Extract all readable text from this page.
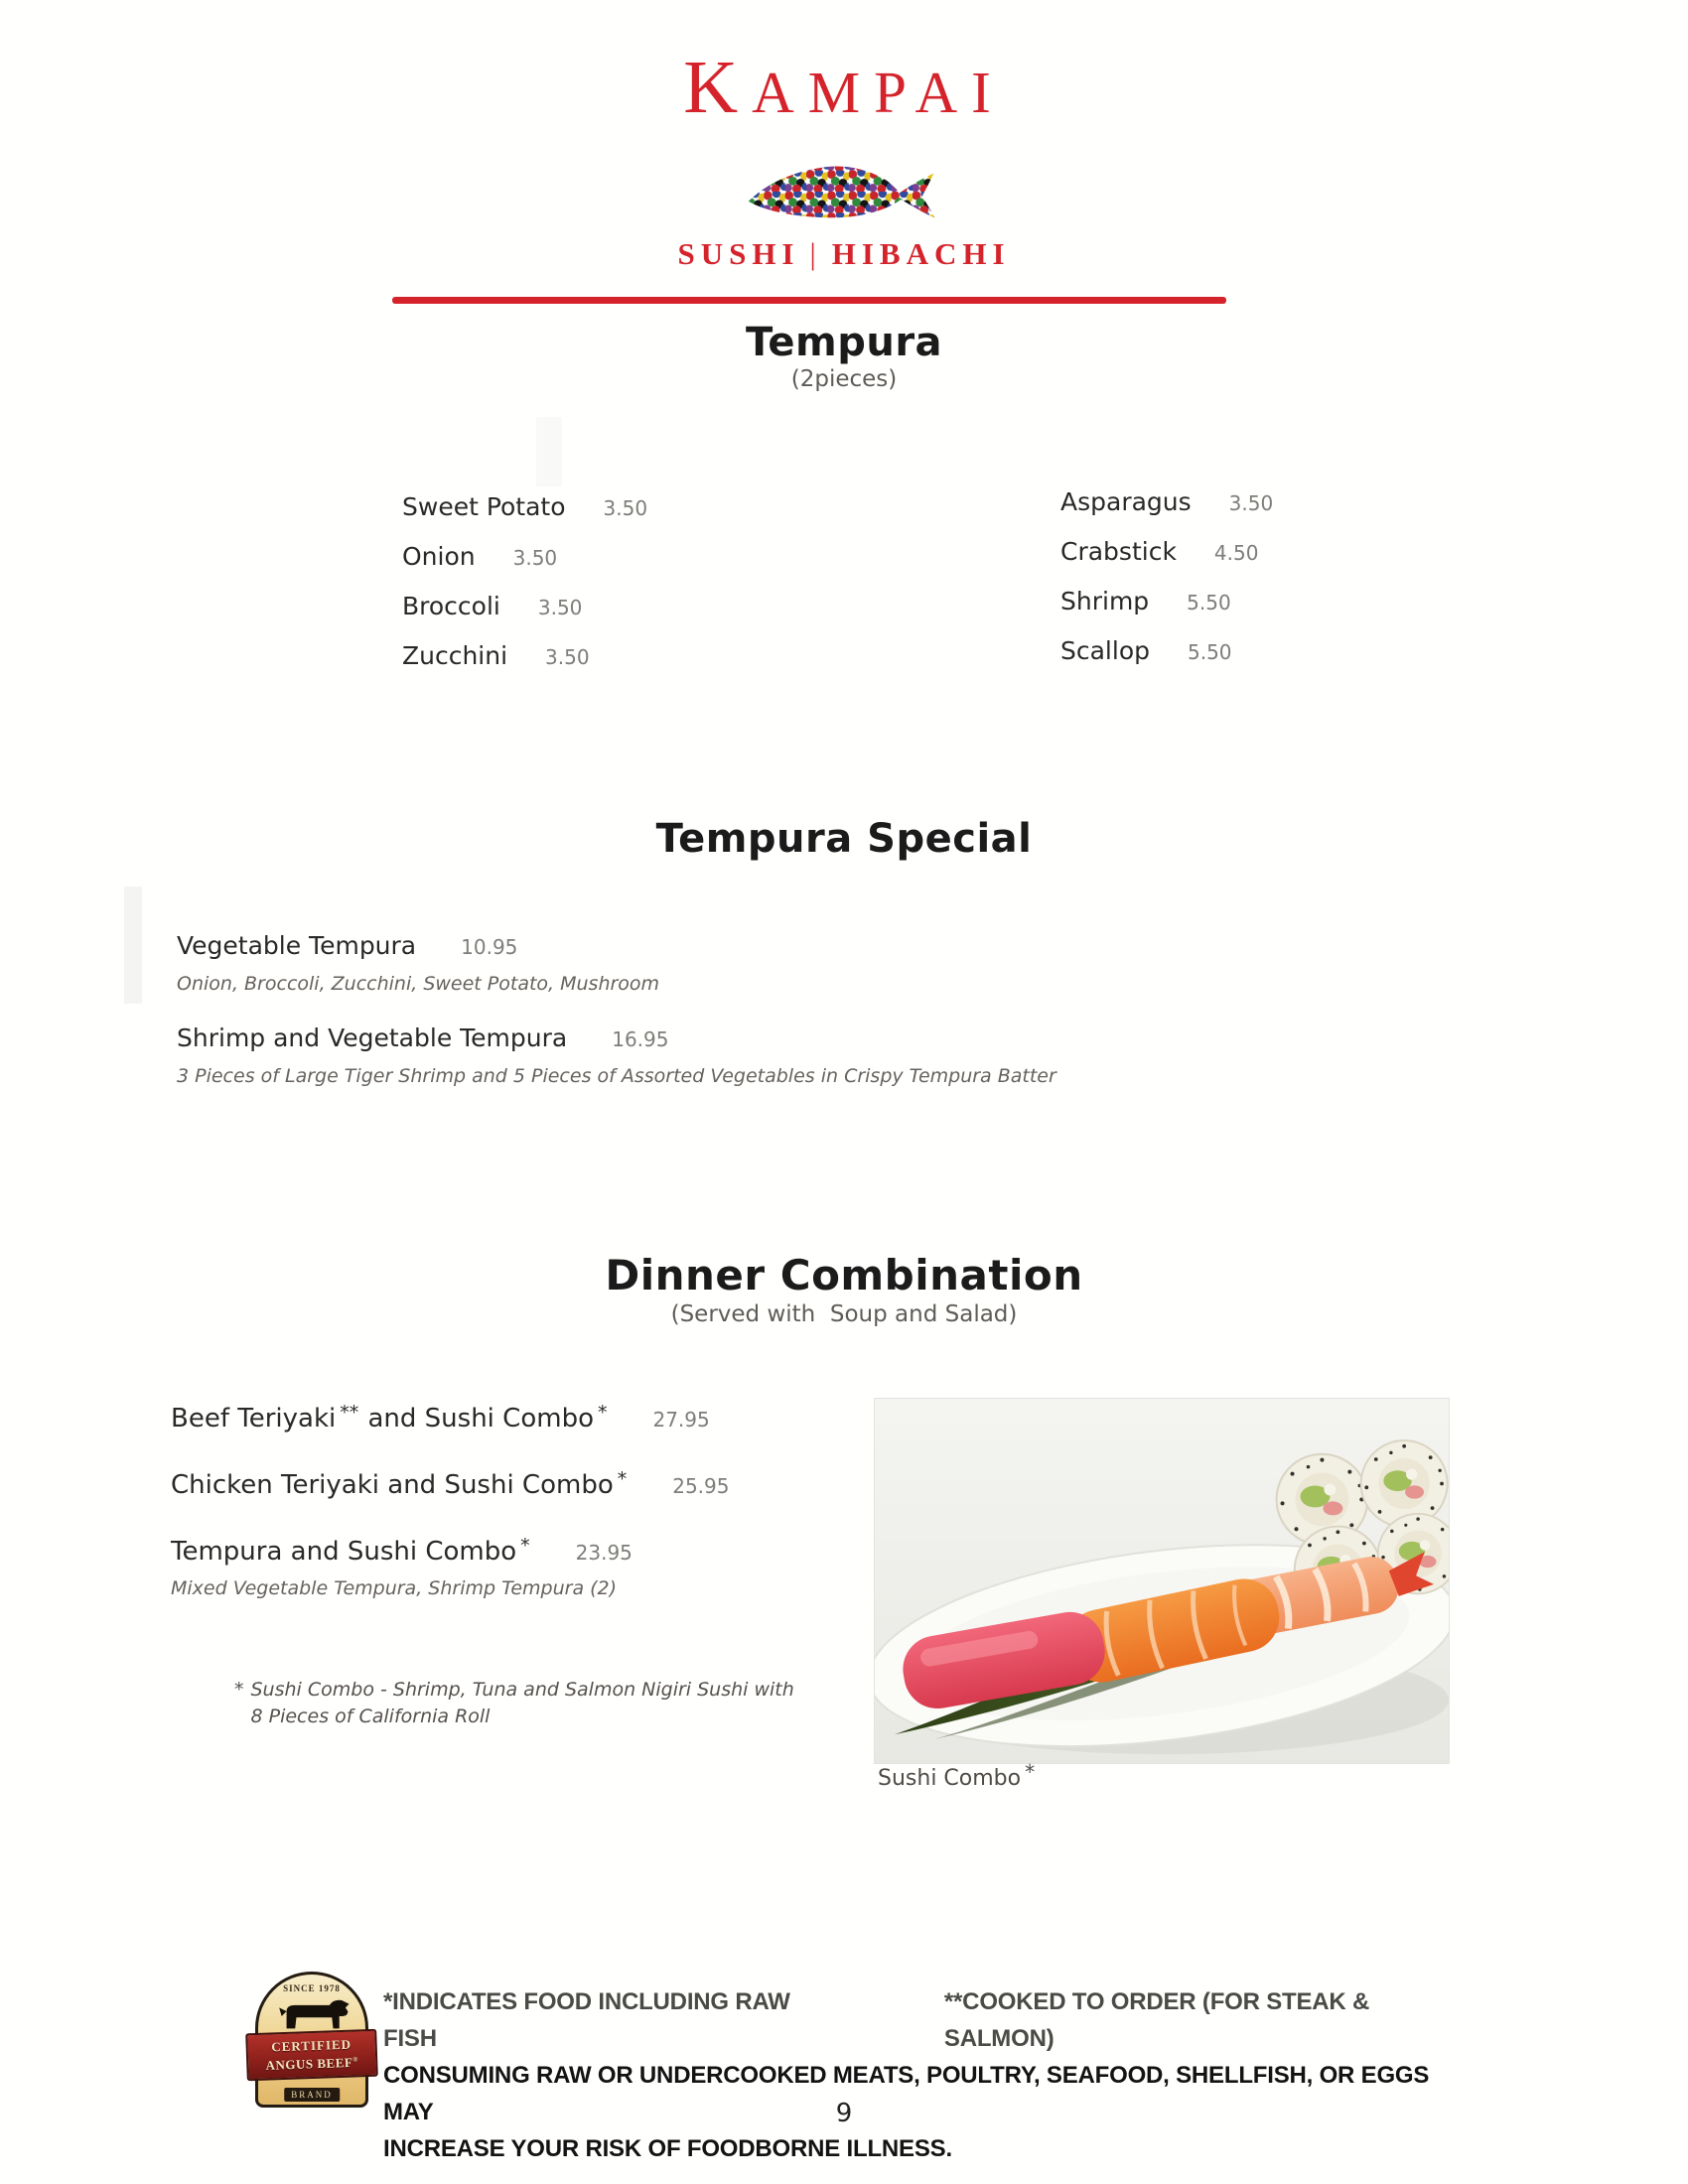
KAMPAI
SUSHI | HIBACHI
Tempura
(2pieces)
Sweet Potato 3.50
Onion 3.50
Broccoli 3.50
Zucchini 3.50
Asparagus 3.50
Crabstick 4.50
Shrimp 5.50
Scallop 5.50
Tempura Special
Vegetable Tempura 10.95
Onion, Broccoli, Zucchini, Sweet Potato, Mushroom
Shrimp and Vegetable Tempura 16.95
3 Pieces of Large Tiger Shrimp and 5 Pieces of Assorted Vegetables in Crispy Tempura Batter
Dinner Combination
(Served with  Soup and Salad)
Beef Teriyaki ** and Sushi Combo * 27.95
Chicken Teriyaki and Sushi Combo * 25.95
Tempura and Sushi Combo * 23.95
Mixed Vegetable Tempura, Shrimp Tempura (2)
* Sushi Combo - Shrimp, Tuna and Salmon Nigiri Sushi with
8 Pieces of California Roll
Sushi Combo *
SINCE 1978
CERTIFIED
ANGUS BEEF®
BRAND
*INDICATES FOOD INCLUDING RAW FISH
**COOKED TO ORDER (FOR STEAK & SALMON)
CONSUMING RAW OR UNDERCOOKED MEATS, POULTRY, SEAFOOD, SHELLFISH, OR EGGS MAY
INCREASE YOUR RISK OF FOODBORNE ILLNESS.
9
